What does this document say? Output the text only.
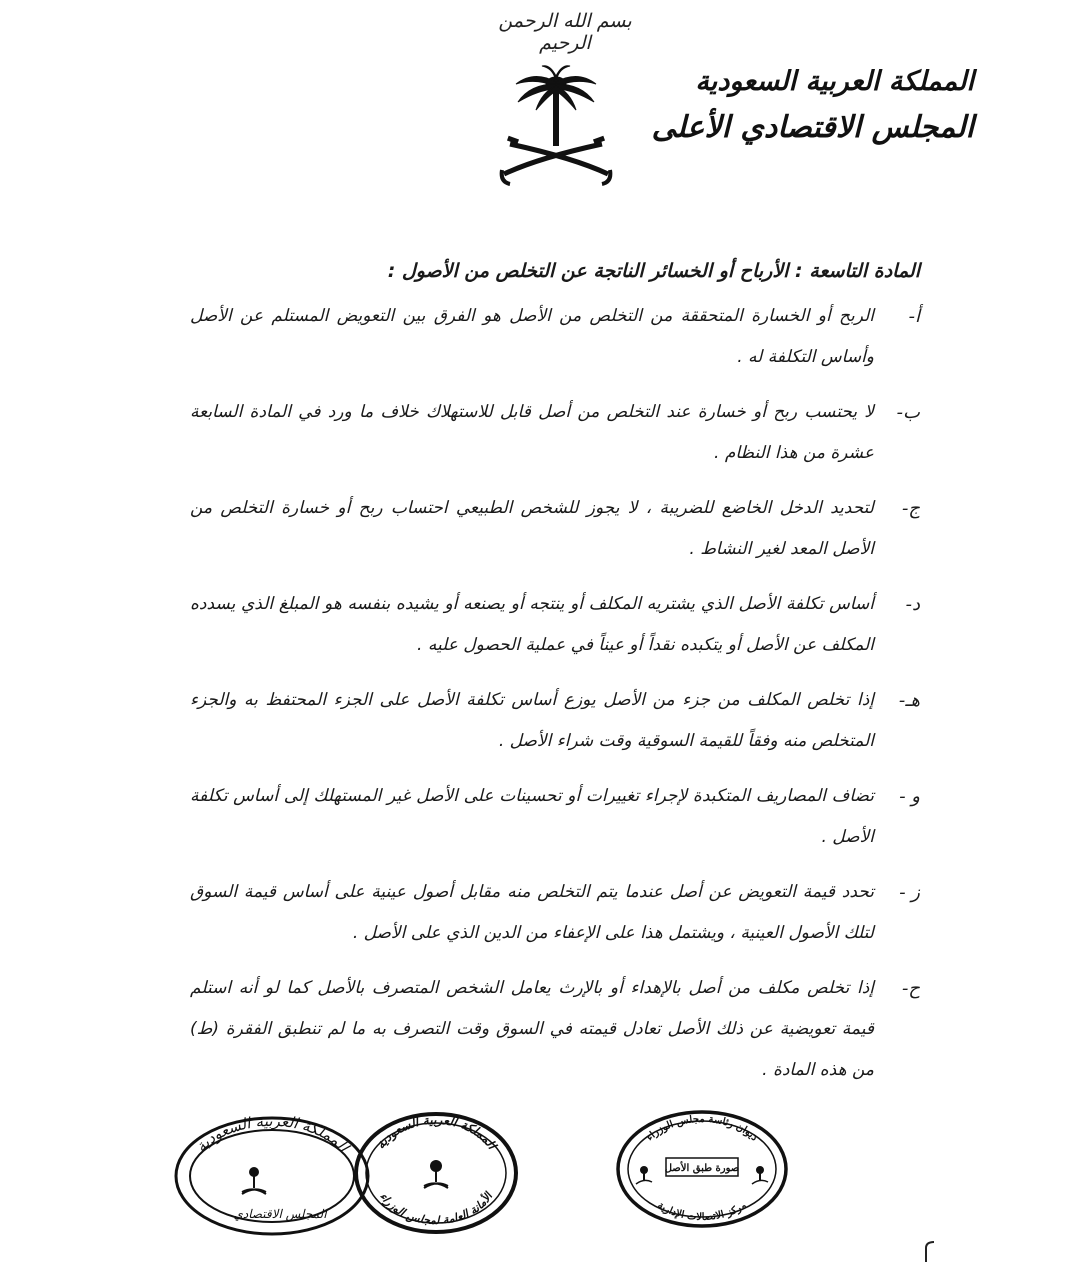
بسم الله الرحمن الرحيم
المملكة العربية السعودية
المجلس الاقتصادي الأعلى
المادة التاسعة : الأرباح أو الخسائر الناتجة عن التخلص من الأصول :
أ-
الربح أو الخسارة المتحققة من التخلص من الأصل هو الفرق بين التعويض المستلم عن الأصل وأساس التكلفة له .
ب-
لا يحتسب ربح أو خسارة عند التخلص من أصل قابل للاستهلاك خلاف ما ورد في المادة السابعة عشرة من هذا النظام .
ج-
لتحديد الدخل الخاضع للضريبة ، لا يجوز للشخص الطبيعي احتساب ربح أو خسارة التخلص من الأصل المعد لغير النشاط .
د-
أساس تكلفة الأصل الذي يشتريه المكلف أو ينتجه أو يصنعه أو يشيده بنفسه هو المبلغ الذي يسدده المكلف عن الأصل أو يتكبده نقداً أو عيناً في عملية الحصول عليه .
هـ-
إذا تخلص المكلف من جزء من الأصل يوزع أساس تكلفة الأصل على الجزء المحتفظ به والجزء المتخلص منه وفقاً للقيمة السوقية وقت شراء الأصل .
و -
تضاف المصاريف المتكبدة لإجراء تغييرات أو تحسينات على الأصل غير المستهلك إلى أساس تكلفة الأصل .
ز -
تحدد قيمة التعويض عن أصل عندما يتم التخلص منه مقابل أصول عينية على أساس قيمة السوق لتلك الأصول العينية ، ويشتمل هذا على الإعفاء من الدين الذي على الأصل .
ح-
إذا تخلص مكلف من أصل بالإهداء أو بالإرث يعامل الشخص المتصرف بالأصل كما لو أنه استلم قيمة تعويضية عن ذلك الأصل تعادل قيمته في السوق وقت التصرف به ما لم تنطبق الفقرة (ط) من هذه المادة .
المملكة العربية السعودية
المجلس الاقتصادي
المملكة العربية السعودية
الأمانة العامة لمجلس الوزراء
ديوان رئاسة مجلس الوزراء
مركز الاتصالات الإدارية
صورة طبق الأصل
